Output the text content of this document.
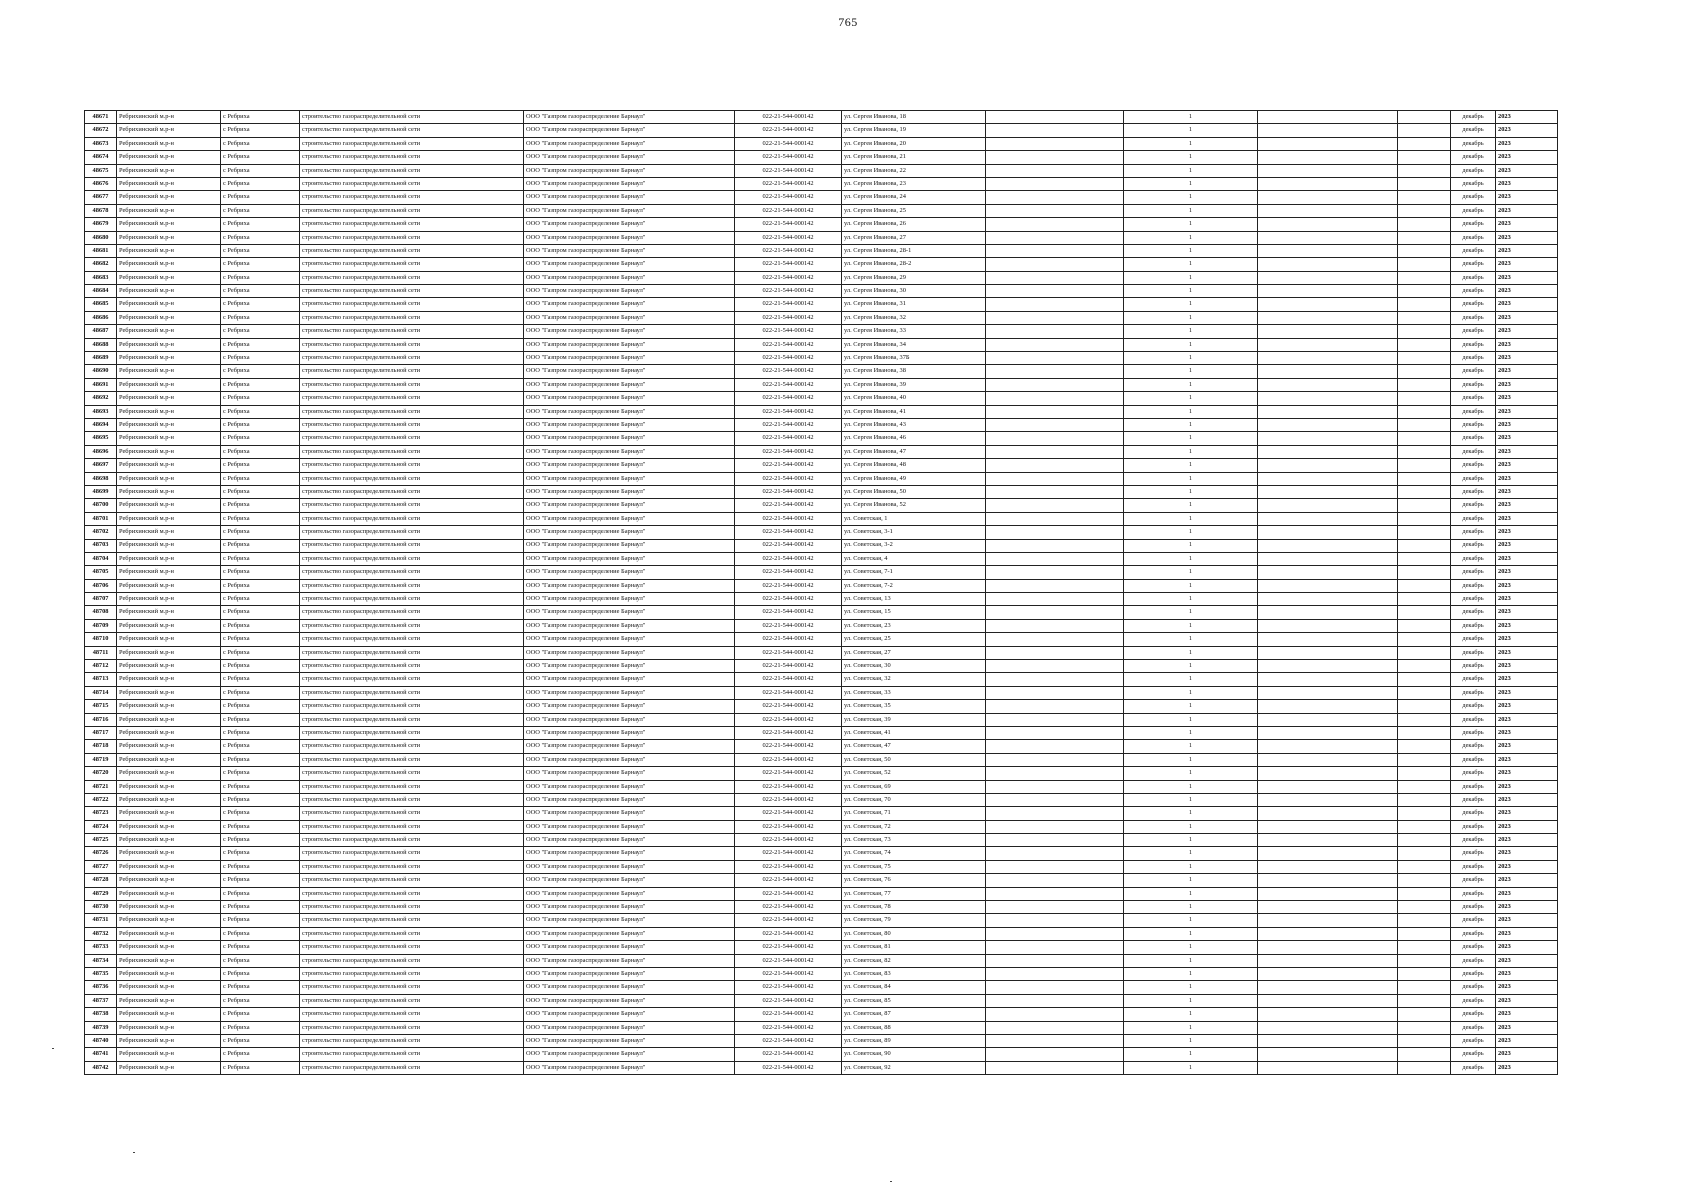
765
48671	Ребрихинский м.р-н	с Ребриха	строительство газораспределительной сети	ООО "Газпром газораспределение Барнаул"	022-21-544-000142	ул. Сергея Иванова, 18		1			декабрь	2023
48672	Ребрихинский м.р-н	с Ребриха	строительство газораспределительной сети	ООО "Газпром газораспределение Барнаул"	022-21-544-000142	ул. Сергея Иванова, 19		1			декабрь	2023
48673	Ребрихинский м.р-н	с Ребриха	строительство газораспределительной сети	ООО "Газпром газораспределение Барнаул"	022-21-544-000142	ул. Сергея Иванова, 20		1			декабрь	2023
48674	Ребрихинский м.р-н	с Ребриха	строительство газораспределительной сети	ООО "Газпром газораспределение Барнаул"	022-21-544-000142	ул. Сергея Иванова, 21		1			декабрь	2023
48675	Ребрихинский м.р-н	с Ребриха	строительство газораспределительной сети	ООО "Газпром газораспределение Барнаул"	022-21-544-000142	ул. Сергея Иванова, 22		1			декабрь	2023
48676	Ребрихинский м.р-н	с Ребриха	строительство газораспределительной сети	ООО "Газпром газораспределение Барнаул"	022-21-544-000142	ул. Сергея Иванова, 23		1			декабрь	2023
48677	Ребрихинский м.р-н	с Ребриха	строительство газораспределительной сети	ООО "Газпром газораспределение Барнаул"	022-21-544-000142	ул. Сергея Иванова, 24		1			декабрь	2023
48678	Ребрихинский м.р-н	с Ребриха	строительство газораспределительной сети	ООО "Газпром газораспределение Барнаул"	022-21-544-000142	ул. Сергея Иванова, 25		1			декабрь	2023
48679	Ребрихинский м.р-н	с Ребриха	строительство газораспределительной сети	ООО "Газпром газораспределение Барнаул"	022-21-544-000142	ул. Сергея Иванова, 26		1			декабрь	2023
48680	Ребрихинский м.р-н	с Ребриха	строительство газораспределительной сети	ООО "Газпром газораспределение Барнаул"	022-21-544-000142	ул. Сергея Иванова, 27		1			декабрь	2023
48681	Ребрихинский м.р-н	с Ребриха	строительство газораспределительной сети	ООО "Газпром газораспределение Барнаул"	022-21-544-000142	ул. Сергея Иванова, 28-1		1			декабрь	2023
48682	Ребрихинский м.р-н	с Ребриха	строительство газораспределительной сети	ООО "Газпром газораспределение Барнаул"	022-21-544-000142	ул. Сергея Иванова, 28-2		1			декабрь	2023
48683	Ребрихинский м.р-н	с Ребриха	строительство газораспределительной сети	ООО "Газпром газораспределение Барнаул"	022-21-544-000142	ул. Сергея Иванова, 29		1			декабрь	2023
48684	Ребрихинский м.р-н	с Ребриха	строительство газораспределительной сети	ООО "Газпром газораспределение Барнаул"	022-21-544-000142	ул. Сергея Иванова, 30		1			декабрь	2023
48685	Ребрихинский м.р-н	с Ребриха	строительство газораспределительной сети	ООО "Газпром газораспределение Барнаул"	022-21-544-000142	ул. Сергея Иванова, 31		1			декабрь	2023
48686	Ребрихинский м.р-н	с Ребриха	строительство газораспределительной сети	ООО "Газпром газораспределение Барнаул"	022-21-544-000142	ул. Сергея Иванова, 32		1			декабрь	2023
48687	Ребрихинский м.р-н	с Ребриха	строительство газораспределительной сети	ООО "Газпром газораспределение Барнаул"	022-21-544-000142	ул. Сергея Иванова, 33		1			декабрь	2023
48688	Ребрихинский м.р-н	с Ребриха	строительство газораспределительной сети	ООО "Газпром газораспределение Барнаул"	022-21-544-000142	ул. Сергея Иванова, 34		1			декабрь	2023
48689	Ребрихинский м.р-н	с Ребриха	строительство газораспределительной сети	ООО "Газпром газораспределение Барнаул"	022-21-544-000142	ул. Сергея Иванова, 37Б		1			декабрь	2023
48690	Ребрихинский м.р-н	с Ребриха	строительство газораспределительной сети	ООО "Газпром газораспределение Барнаул"	022-21-544-000142	ул. Сергея Иванова, 38		1			декабрь	2023
48691	Ребрихинский м.р-н	с Ребриха	строительство газораспределительной сети	ООО "Газпром газораспределение Барнаул"	022-21-544-000142	ул. Сергея Иванова, 39		1			декабрь	2023
48692	Ребрихинский м.р-н	с Ребриха	строительство газораспределительной сети	ООО "Газпром газораспределение Барнаул"	022-21-544-000142	ул. Сергея Иванова, 40		1			декабрь	2023
48693	Ребрихинский м.р-н	с Ребриха	строительство газораспределительной сети	ООО "Газпром газораспределение Барнаул"	022-21-544-000142	ул. Сергея Иванова, 41		1			декабрь	2023
48694	Ребрихинский м.р-н	с Ребриха	строительство газораспределительной сети	ООО "Газпром газораспределение Барнаул"	022-21-544-000142	ул. Сергея Иванова, 43		1			декабрь	2023
48695	Ребрихинский м.р-н	с Ребриха	строительство газораспределительной сети	ООО "Газпром газораспределение Барнаул"	022-21-544-000142	ул. Сергея Иванова, 46		1			декабрь	2023
48696	Ребрихинский м.р-н	с Ребриха	строительство газораспределительной сети	ООО "Газпром газораспределение Барнаул"	022-21-544-000142	ул. Сергея Иванова, 47		1			декабрь	2023
48697	Ребрихинский м.р-н	с Ребриха	строительство газораспределительной сети	ООО "Газпром газораспределение Барнаул"	022-21-544-000142	ул. Сергея Иванова, 48		1			декабрь	2023
48698	Ребрихинский м.р-н	с Ребриха	строительство газораспределительной сети	ООО "Газпром газораспределение Барнаул"	022-21-544-000142	ул. Сергея Иванова, 49		1			декабрь	2023
48699	Ребрихинский м.р-н	с Ребриха	строительство газораспределительной сети	ООО "Газпром газораспределение Барнаул"	022-21-544-000142	ул. Сергея Иванова, 50		1			декабрь	2023
48700	Ребрихинский м.р-н	с Ребриха	строительство газораспределительной сети	ООО "Газпром газораспределение Барнаул"	022-21-544-000142	ул. Сергея Иванова, 52		1			декабрь	2023
48701	Ребрихинский м.р-н	с Ребриха	строительство газораспределительной сети	ООО "Газпром газораспределение Барнаул"	022-21-544-000142	ул. Советская, 1		1			декабрь	2023
48702	Ребрихинский м.р-н	с Ребриха	строительство газораспределительной сети	ООО "Газпром газораспределение Барнаул"	022-21-544-000142	ул. Советская, 3-1		1			декабрь	2023
48703	Ребрихинский м.р-н	с Ребриха	строительство газораспределительной сети	ООО "Газпром газораспределение Барнаул"	022-21-544-000142	ул. Советская, 3-2		1			декабрь	2023
48704	Ребрихинский м.р-н	с Ребриха	строительство газораспределительной сети	ООО "Газпром газораспределение Барнаул"	022-21-544-000142	ул. Советская, 4		1			декабрь	2023
48705	Ребрихинский м.р-н	с Ребриха	строительство газораспределительной сети	ООО "Газпром газораспределение Барнаул"	022-21-544-000142	ул. Советская, 7-1		1			декабрь	2023
48706	Ребрихинский м.р-н	с Ребриха	строительство газораспределительной сети	ООО "Газпром газораспределение Барнаул"	022-21-544-000142	ул. Советская, 7-2		1			декабрь	2023
48707	Ребрихинский м.р-н	с Ребриха	строительство газораспределительной сети	ООО "Газпром газораспределение Барнаул"	022-21-544-000142	ул. Советская, 13		1			декабрь	2023
48708	Ребрихинский м.р-н	с Ребриха	строительство газораспределительной сети	ООО "Газпром газораспределение Барнаул"	022-21-544-000142	ул. Советская, 15		1			декабрь	2023
48709	Ребрихинский м.р-н	с Ребриха	строительство газораспределительной сети	ООО "Газпром газораспределение Барнаул"	022-21-544-000142	ул. Советская, 23		1			декабрь	2023
48710	Ребрихинский м.р-н	с Ребриха	строительство газораспределительной сети	ООО "Газпром газораспределение Барнаул"	022-21-544-000142	ул. Советская, 25		1			декабрь	2023
48711	Ребрихинский м.р-н	с Ребриха	строительство газораспределительной сети	ООО "Газпром газораспределение Барнаул"	022-21-544-000142	ул. Советская, 27		1			декабрь	2023
48712	Ребрихинский м.р-н	с Ребриха	строительство газораспределительной сети	ООО "Газпром газораспределение Барнаул"	022-21-544-000142	ул. Советская, 30		1			декабрь	2023
48713	Ребрихинский м.р-н	с Ребриха	строительство газораспределительной сети	ООО "Газпром газораспределение Барнаул"	022-21-544-000142	ул. Советская, 32		1			декабрь	2023
48714	Ребрихинский м.р-н	с Ребриха	строительство газораспределительной сети	ООО "Газпром газораспределение Барнаул"	022-21-544-000142	ул. Советская, 33		1			декабрь	2023
48715	Ребрихинский м.р-н	с Ребриха	строительство газораспределительной сети	ООО "Газпром газораспределение Барнаул"	022-21-544-000142	ул. Советская, 35		1			декабрь	2023
48716	Ребрихинский м.р-н	с Ребриха	строительство газораспределительной сети	ООО "Газпром газораспределение Барнаул"	022-21-544-000142	ул. Советская, 39		1			декабрь	2023
48717	Ребрихинский м.р-н	с Ребриха	строительство газораспределительной сети	ООО "Газпром газораспределение Барнаул"	022-21-544-000142	ул. Советская, 41		1			декабрь	2023
48718	Ребрихинский м.р-н	с Ребриха	строительство газораспределительной сети	ООО "Газпром газораспределение Барнаул"	022-21-544-000142	ул. Советская, 47		1			декабрь	2023
48719	Ребрихинский м.р-н	с Ребриха	строительство газораспределительной сети	ООО "Газпром газораспределение Барнаул"	022-21-544-000142	ул. Советская, 50		1			декабрь	2023
48720	Ребрихинский м.р-н	с Ребриха	строительство газораспределительной сети	ООО "Газпром газораспределение Барнаул"	022-21-544-000142	ул. Советская, 52		1			декабрь	2023
48721	Ребрихинский м.р-н	с Ребриха	строительство газораспределительной сети	ООО "Газпром газораспределение Барнаул"	022-21-544-000142	ул. Советская, 69		1			декабрь	2023
48722	Ребрихинский м.р-н	с Ребриха	строительство газораспределительной сети	ООО "Газпром газораспределение Барнаул"	022-21-544-000142	ул. Советская, 70		1			декабрь	2023
48723	Ребрихинский м.р-н	с Ребриха	строительство газораспределительной сети	ООО "Газпром газораспределение Барнаул"	022-21-544-000142	ул. Советская, 71		1			декабрь	2023
48724	Ребрихинский м.р-н	с Ребриха	строительство газораспределительной сети	ООО "Газпром газораспределение Барнаул"	022-21-544-000142	ул. Советская, 72		1			декабрь	2023
48725	Ребрихинский м.р-н	с Ребриха	строительство газораспределительной сети	ООО "Газпром газораспределение Барнаул"	022-21-544-000142	ул. Советская, 73		1			декабрь	2023
48726	Ребрихинский м.р-н	с Ребриха	строительство газораспределительной сети	ООО "Газпром газораспределение Барнаул"	022-21-544-000142	ул. Советская, 74		1			декабрь	2023
48727	Ребрихинский м.р-н	с Ребриха	строительство газораспределительной сети	ООО "Газпром газораспределение Барнаул"	022-21-544-000142	ул. Советская, 75		1			декабрь	2023
48728	Ребрихинский м.р-н	с Ребриха	строительство газораспределительной сети	ООО "Газпром газораспределение Барнаул"	022-21-544-000142	ул. Советская, 76		1			декабрь	2023
48729	Ребрихинский м.р-н	с Ребриха	строительство газораспределительной сети	ООО "Газпром газораспределение Барнаул"	022-21-544-000142	ул. Советская, 77		1			декабрь	2023
48730	Ребрихинский м.р-н	с Ребриха	строительство газораспределительной сети	ООО "Газпром газораспределение Барнаул"	022-21-544-000142	ул. Советская, 78		1			декабрь	2023
48731	Ребрихинский м.р-н	с Ребриха	строительство газораспределительной сети	ООО "Газпром газораспределение Барнаул"	022-21-544-000142	ул. Советская, 79		1			декабрь	2023
48732	Ребрихинский м.р-н	с Ребриха	строительство газораспределительной сети	ООО "Газпром газораспределение Барнаул"	022-21-544-000142	ул. Советская, 80		1			декабрь	2023
48733	Ребрихинский м.р-н	с Ребриха	строительство газораспределительной сети	ООО "Газпром газораспределение Барнаул"	022-21-544-000142	ул. Советская, 81		1			декабрь	2023
48734	Ребрихинский м.р-н	с Ребриха	строительство газораспределительной сети	ООО "Газпром газораспределение Барнаул"	022-21-544-000142	ул. Советская, 82		1			декабрь	2023
48735	Ребрихинский м.р-н	с Ребриха	строительство газораспределительной сети	ООО "Газпром газораспределение Барнаул"	022-21-544-000142	ул. Советская, 83		1			декабрь	2023
48736	Ребрихинский м.р-н	с Ребриха	строительство газораспределительной сети	ООО "Газпром газораспределение Барнаул"	022-21-544-000142	ул. Советская, 84		1			декабрь	2023
48737	Ребрихинский м.р-н	с Ребриха	строительство газораспределительной сети	ООО "Газпром газораспределение Барнаул"	022-21-544-000142	ул. Советская, 85		1			декабрь	2023
48738	Ребрихинский м.р-н	с Ребриха	строительство газораспределительной сети	ООО "Газпром газораспределение Барнаул"	022-21-544-000142	ул. Советская, 87		1			декабрь	2023
48739	Ребрихинский м.р-н	с Ребриха	строительство газораспределительной сети	ООО "Газпром газораспределение Барнаул"	022-21-544-000142	ул. Советская, 88		1			декабрь	2023
48740	Ребрихинский м.р-н	с Ребриха	строительство газораспределительной сети	ООО "Газпром газораспределение Барнаул"	022-21-544-000142	ул. Советская, 89		1			декабрь	2023
48741	Ребрихинский м.р-н	с Ребриха	строительство газораспределительной сети	ООО "Газпром газораспределение Барнаул"	022-21-544-000142	ул. Советская, 90		1			декабрь	2023
48742	Ребрихинский м.р-н	с Ребриха	строительство газораспределительной сети	ООО "Газпром газораспределение Барнаул"	022-21-544-000142	ул. Советская, 92		1			декабрь	2023
